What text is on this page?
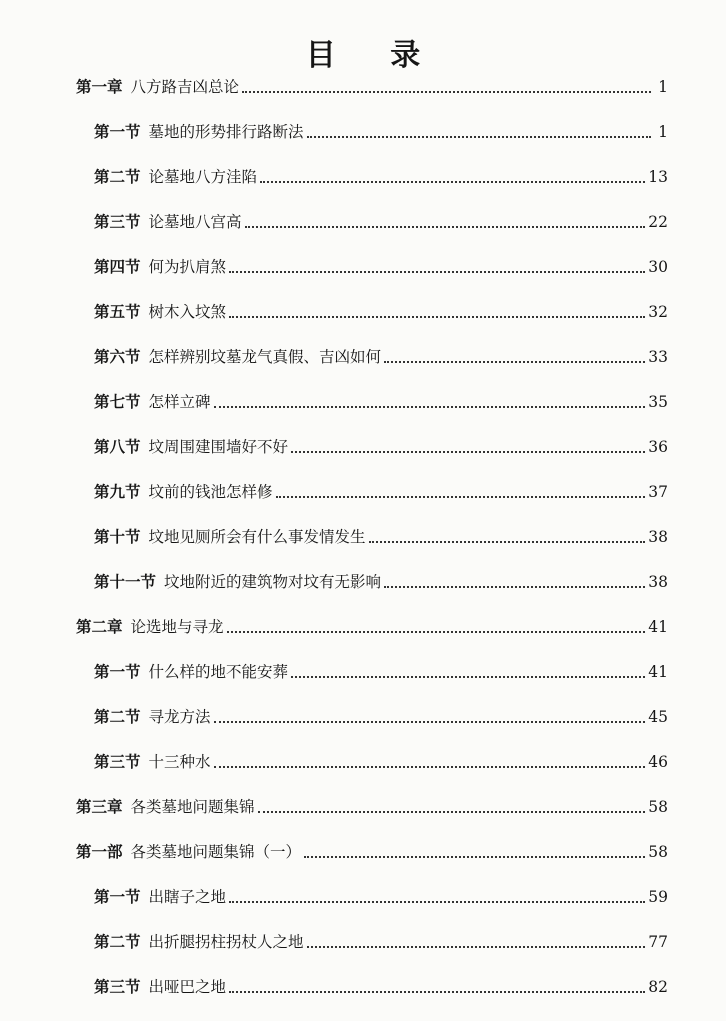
目 录
第一章 八方路吉凶总论	1
第一节 墓地的形势排行路断法	1
第二节 论墓地八方洼陷	13
第三节 论墓地八宫高	22
第四节 何为扒肩煞	30
第五节 树木入坟煞	32
第六节 怎样辨别坟墓龙气真假、吉凶如何	33
第七节 怎样立碑	35
第八节 坟周围建围墙好不好	36
第九节 坟前的钱池怎样修	37
第十节 坟地见厕所会有什么事发情发生	38
第十一节 坟地附近的建筑物对坟有无影响	38
第二章 论选地与寻龙	41
第一节 什么样的地不能安葬	41
第二节 寻龙方法	45
第三节 十三种水	46
第三章 各类墓地问题集锦	58
第一部 各类墓地问题集锦（一）	58
第一节 出瞎子之地	59
第二节 出折腿拐柱拐杖人之地	77
第三节 出哑巴之地	82
